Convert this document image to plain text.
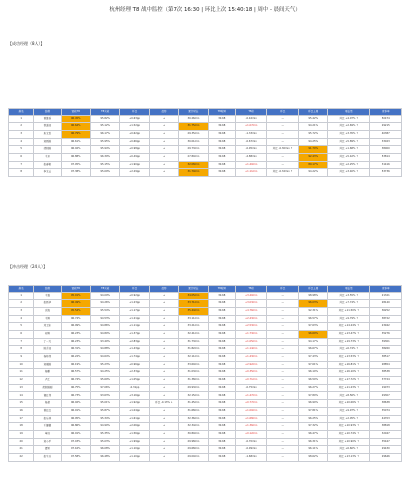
杭州经理 T8 战中监控（第7次 16:30 | 环比上次 15:40:18 | 周中 - 晨间天气）
【成功经理（8人）】
排名	经理	营收T8	T8实收	环比	趋势	累计时长	T8时间	T8价	环比	环比上周	增长量	竞争率
1	曾维香	96.45%	95.82%	+0.63pp	→	30.26min	30.68	-0.42min	—	95.42%	环比 +4.07% ↑	50474
2	徐道波	96.64%	95.12%	+1.52pp	→	31.75min	30.68	+1.07min	—	94.21%	环比 +2.69% ↑	29215
3	朱文哲	96.79%	96.17%	+0.62pp	→	29.35min	30.68	-1.33min	—	95.72%	环比 +3.35% ↑	40387
4	刘新刚	96.61%	95.95%	+0.66pp	→	30.01min	30.68	-0.67min	—	94.25%	环比 +5.89% ↑	33023
5	胡阳刚	96.92%	95.94%	+0.98pp	→	29.73min	30.68	-0.95min	环比 -0.30min ↑	91.70%	环比 +1.68% ↑	38000
6	王芳	96.88%	96.39%	+0.49pp	→	27.80min	30.68	-2.88min	—	92.43%	环比 +5.42% ↑	53814
7	张春艳	97.05%	95.15%	+1.90pp	→	32.08min	30.68	+1.40min	—	89.17%	环比 +2.25% ↑	31416
8	李文云	97.38%	95.09%	+2.29pp	→	31.79min	30.68	+1.11min	环比 -0.32min ↑	94.22%	环比 +3.40% ↑	53736
【冲击经理（24人）】
排名	经理	营收T8	T8实收	环比	趋势	累计时长	T8时间	T8价	环比	环比上周	增长量	竞争率
1	王强	95.01%	94.09%	+0.92pp	→	34.05min	30.68	+3.40min	—	98.98%	环比 +3.55% ↑	21321
2	张新华	96.49%	94.26%	+1.23pp	→	33.71min	30.68	+3.03min	—	96.03%	环比 +7.74% ↑	28140
3	余海	95.54%	95.54%	+1.17pp	→	35.44min	30.68	+4.76min	—	92.31%	环比 +11.50% ↑	36252
4	王辉	96.74%	94.53%	+1.21pp	→	33.11min	30.68	+2.43min	—	96.57%	环比 +9.79% ↑	38722
5	邓卫东	96.99%	94.86%	+1.11pp	→	33.21min	30.68	+2.53min	—	97.63%	环比 +14.24% ↑	23942
6	何辉	96.23%	94.80%	+1.37pp	→	32.41min	30.68	+1.73min	—	96.69%	环比 +13.47% ↑	35276
7	丁一凡	96.23%	93.40%	+2.83pp	→	31.73min	30.68	+1.05min	—	94.17%	环比 +19.73% ↑	39301
8	陈乔波	96.31%	94.88%	+1.43pp	→	31.82min	30.68	+1.14min	—	96.67%	环比 +6.74% ↑	38260
9	杨帅伟	96.22%	94.64%	+1.74pp	→	32.11min	30.68	+1.43min	—	97.43%	环比 +13.53% ↑	38517
10	刘刚刚	96.19%	95.23%	+0.96pp	→	33.60min	30.68	+2.92min	—	97.61%	环比 +16.81% ↑	28854
11	杨鹏	96.57%	94.25%	+2.33pp	→	31.03min	30.68	+0.35min	—	96.10%	环比 +16.10% ↑	38538
12	卢江	96.74%	95.69%	+1.05pp	→	31.38min	30.68	+0.71min	—	96.50%	环比 +17.72% ↑	37724
13	胡阳刚刚	96.75%	97.06%	-0.31pp	→	29.93min	30.68	-0.75min	—	96.27%	环比 +11.23% ↑	19073
14	谢红伟	96.73%	93.63%	+3.16pp	→	32.15min	30.68	+1.47min	—	97.80%	环比 +8.56% ↑	29307
15	杨超	96.92%	95.01%	+1.92pp	环比 -0.13% ↓	31.45min	30.68	+0.77min	—	96.90%	环比 +10.06% ↑	38638
16	曾红红	96.91%	95.87%	+1.04pp	→	31.68min	30.68	+1.00min	—	97.81%	环比 +9.97% ↑	35074
17	张乐林	96.95%	95.34%	+1.61pp	→	32.36min	30.68	+1.68min	—	96.25%	环比 +2.05% ↑	44703
18	王馨馨	96.86%	94.90%	+2.06pp	→	32.34min	30.68	+1.36min	—	97.32%	环比 +10.93% ↑	38818
19	单进	96.91%	95.35%	+1.56pp	→	30.80min	30.68	+0.12min	—	96.47%	环比 +10.74% ↑	32047
20	刘小平	97.03%	95.03%	+1.99pp	→	29.98min	30.68	-0.70min	—	96.31%	环比 +10.90% ↑	35447
21	谭男	97.16%	96.08%	+1.10pp	→	29.68min	30.68	-0.99min	—	96.11%	环比 +6.60% ↑	29430
22	张生兵	97.58%	96.48%	+1.10pp	→	29.00min	30.68	-1.68min	—	98.62%	环比 +13.13% ↑	29646
